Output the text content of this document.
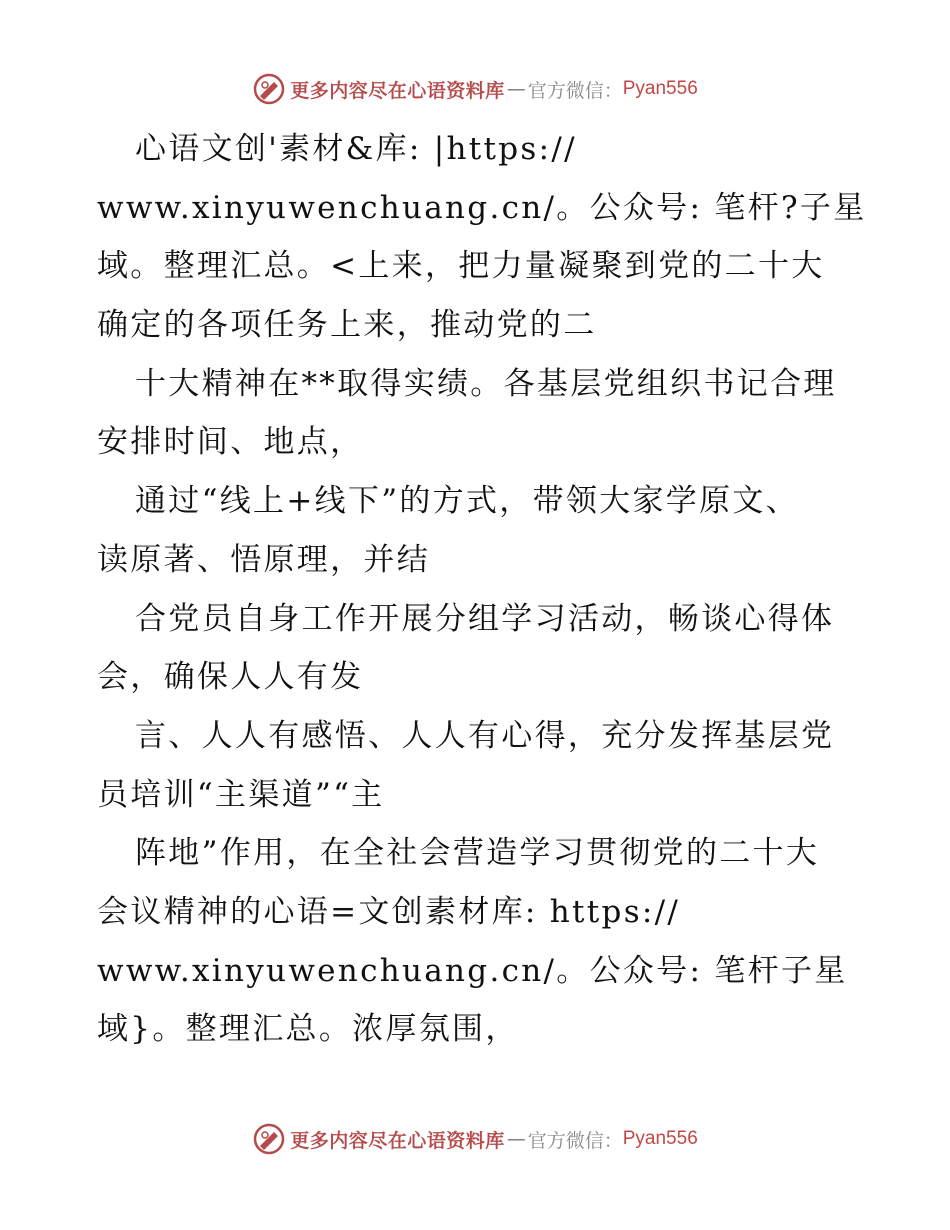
更多内容尽在心语资料库 — 官方微信： Pyan556
心语文创'素材&库: |https://
www.xinyuwenchuang.cn/。公众号: 笔杆?子星
域。整理汇总。<上来，把力量凝聚到党的二十大
确定的各项任务上来，推动党的二
十大精神在**取得实绩。各基层党组织书记合理
安排时间、地点，
通过“线上+线下”的方式，带领大家学原文、
读原著、悟原理，并结
合党员自身工作开展分组学习活动，畅谈心得体
会，确保人人有发
言、人人有感悟、人人有心得，充分发挥基层党
员培训“主渠道”“主
阵地”作用，在全社会营造学习贯彻党的二十大
会议精神的心语=文创素材库: https://
www.xinyuwenchuang.cn/。公众号: 笔杆子星
域}。整理汇总。浓厚氛围，
更多内容尽在心语资料库 — 官方微信： Pyan556
